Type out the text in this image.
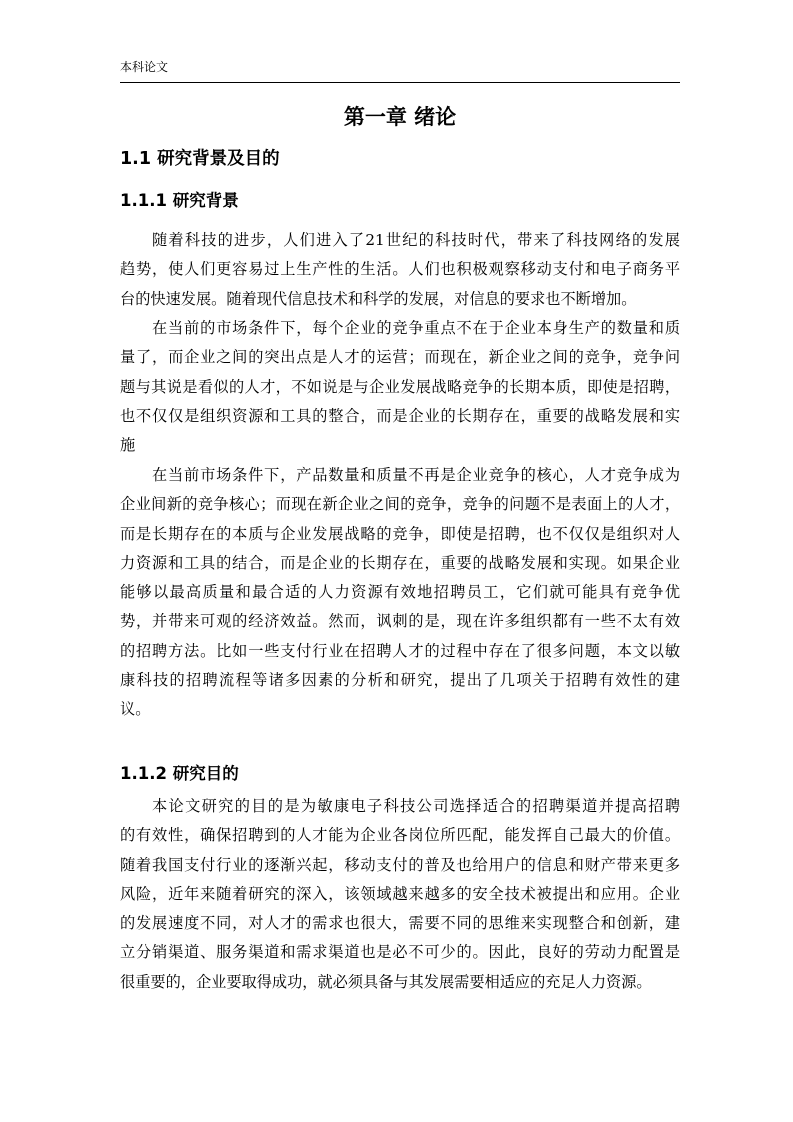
本科论文
第一章 绪论
1.1 研究背景及目的
1.1.1 研究背景
随着科技的进步，人们进入了21世纪的科技时代，带来了科技网络的发展
趋势，使人们更容易过上生产性的生活。人们也积极观察移动支付和电子商务平
台的快速发展。随着现代信息技术和科学的发展，对信息的要求也不断增加。
在当前的市场条件下，每个企业的竞争重点不在于企业本身生产的数量和质
量了，而企业之间的突出点是人才的运营；而现在，新企业之间的竞争，竞争问
题与其说是看似的人才，不如说是与企业发展战略竞争的长期本质，即使是招聘，
也不仅仅是组织资源和工具的整合，而是企业的长期存在，重要的战略发展和实
施
在当前市场条件下，产品数量和质量不再是企业竞争的核心，人才竞争成为
企业间新的竞争核心；而现在新企业之间的竞争，竞争的问题不是表面上的人才，
而是长期存在的本质与企业发展战略的竞争，即使是招聘，也不仅仅是组织对人
力资源和工具的结合，而是企业的长期存在，重要的战略发展和实现。如果企业
能够以最高质量和最合适的人力资源有效地招聘员工，它们就可能具有竞争优
势，并带来可观的经济效益。然而，讽刺的是，现在许多组织都有一些不太有效
的招聘方法。比如一些支付行业在招聘人才的过程中存在了很多问题，本文以敏
康科技的招聘流程等诸多因素的分析和研究，提出了几项关于招聘有效性的建
议。
1.1.2 研究目的
本论文研究的目的是为敏康电子科技公司选择适合的招聘渠道并提高招聘
的有效性，确保招聘到的人才能为企业各岗位所匹配，能发挥自己最大的价值。
随着我国支付行业的逐渐兴起，移动支付的普及也给用户的信息和财产带来更多
风险，近年来随着研究的深入，该领域越来越多的安全技术被提出和应用。企业
的发展速度不同，对人才的需求也很大，需要不同的思维来实现整合和创新，建
立分销渠道、服务渠道和需求渠道也是必不可少的。因此，良好的劳动力配置是
很重要的，企业要取得成功，就必须具备与其发展需要相适应的充足人力资源。
